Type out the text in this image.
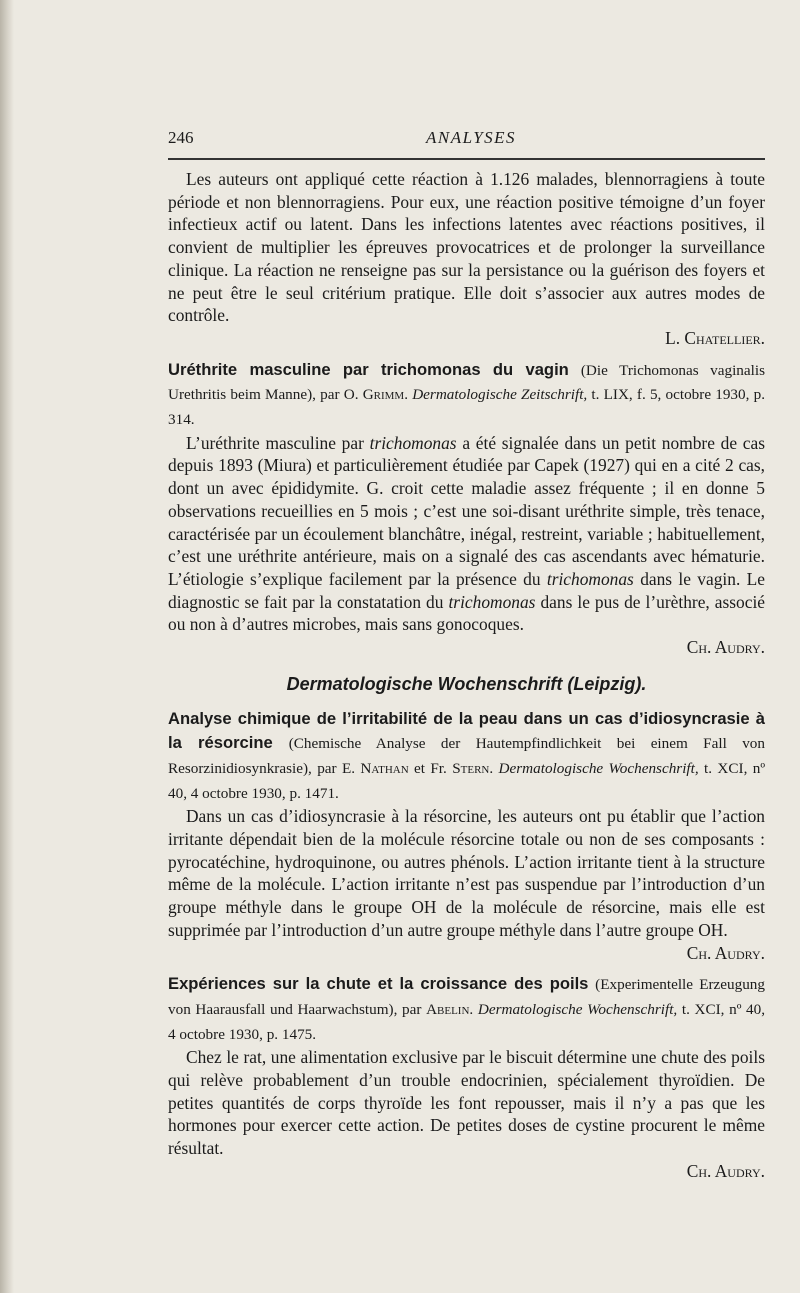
246	ANALYSES

Les auteurs ont appliqué cette réaction à 1.126 malades, blennorragiens à toute période et non blennorragiens. Pour eux, une réaction positive témoigne d’un foyer infectieux actif ou latent. Dans les infections latentes avec réactions positives, il convient de multiplier les épreuves provocatrices et de prolonger la surveillance clinique. La réaction ne renseigne pas sur la persistance ou la guérison des foyers et ne peut être le seul critérium pratique. Elle doit s’associer aux autres modes de contrôle.

L. Chatellier.

Uréthrite masculine par trichomonas du vagin (Die Trichomonas vaginalis Urethritis beim Manne), par O. Grimm. Dermatologische Zeitschrift, t. LIX, f. 5, octobre 1930, p. 314.

L’uréthrite masculine par trichomonas a été signalée dans un petit nombre de cas depuis 1893 (Miura) et particulièrement étudiée par Capek (1927) qui en a cité 2 cas, dont un avec épididymite. G. croit cette maladie assez fréquente ; il en donne 5 observations recueillies en 5 mois ; c’est une soi-disant uréthrite simple, très tenace, caractérisée par un écoulement blanchâtre, inégal, restreint, variable ; habituellement, c’est une uréthrite antérieure, mais on a signalé des cas ascendants avec hématurie. L’étiologie s’explique facilement par la présence du trichomonas dans le vagin. Le diagnostic se fait par la constatation du trichomonas dans le pus de l’urèthre, associé ou non à d’autres microbes, mais sans gonocoques.

Ch. Audry.

Dermatologische Wochenschrift (Leipzig).

Analyse chimique de l’irritabilité de la peau dans un cas d’idiosyncrasie à la résorcine (Chemische Analyse der Hautempfindlichkeit bei einem Fall von Resorzinidiosynkrasie), par E. Nathan et Fr. Stern. Dermatologische Wochenschrift, t. XCI, nº 40, 4 octobre 1930, p. 1471.

Dans un cas d’idiosyncrasie à la résorcine, les auteurs ont pu établir que l’action irritante dépendait bien de la molécule résorcine totale ou non de ses composants : pyrocatéchine, hydroquinone, ou autres phénols. L’action irritante tient à la structure même de la molécule. L’action irritante n’est pas suspendue par l’introduction d’un groupe méthyle dans le groupe OH de la molécule de résorcine, mais elle est supprimée par l’introduction d’un autre groupe méthyle dans l’autre groupe OH.

Ch. Audry.

Expériences sur la chute et la croissance des poils (Experimentelle Erzeugung von Haarausfall und Haarwachstum), par Abelin. Dermatologische Wochenschrift, t. XCI, nº 40, 4 octobre 1930, p. 1475.

Chez le rat, une alimentation exclusive par le biscuit détermine une chute des poils qui relève probablement d’un trouble endocrinien, spécialement thyroïdien. De petites quantités de corps thyroïde les font repousser, mais il n’y a pas que les hormones pour exercer cette action. De petites doses de cystine procurent le même résultat.

Ch. Audry.
